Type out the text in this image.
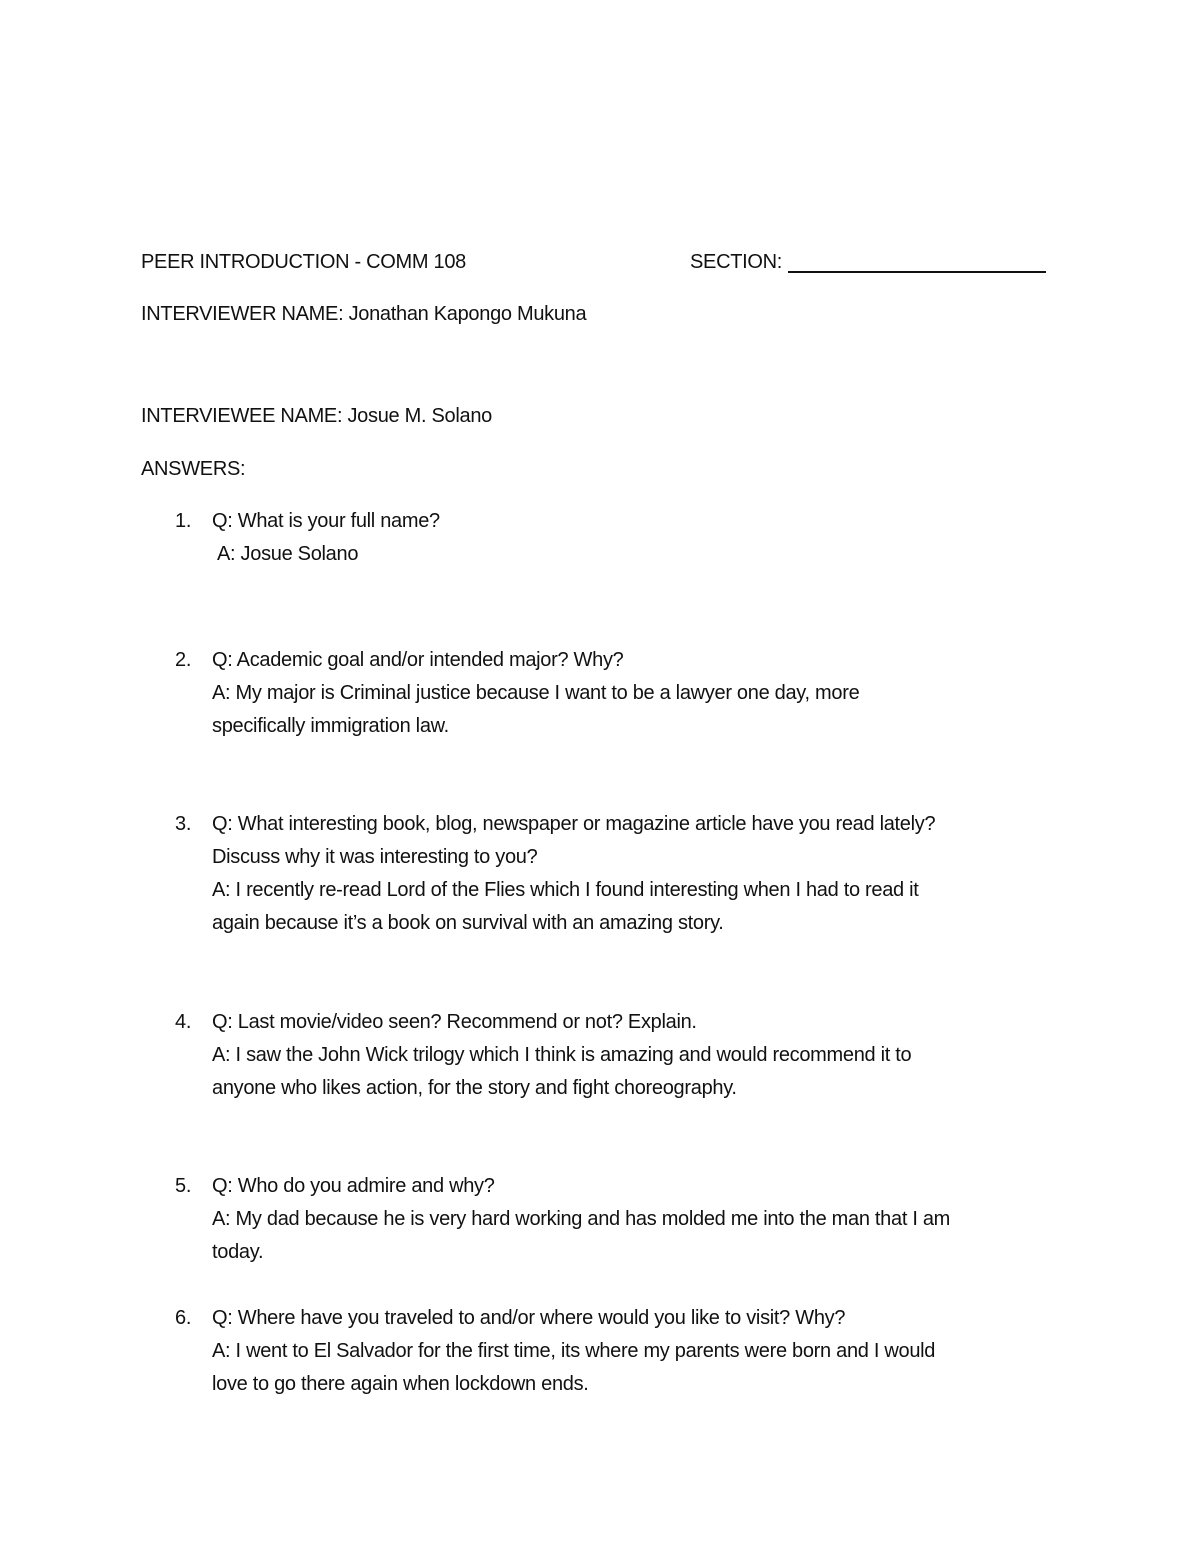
PEER INTRODUCTION - COMM 108	SECTION:
INTERVIEWER NAME: Jonathan Kapongo Mukuna
INTERVIEWEE NAME: Josue M. Solano
ANSWERS:
1. Q: What is your full name?
A: Josue Solano
2. Q: Academic goal and/or intended major? Why?
A: My major is Criminal justice because I want to be a lawyer one day, more
specifically immigration law.
3. Q: What interesting book, blog, newspaper or magazine article have you read lately?
Discuss why it was interesting to you?
A: I recently re-read Lord of the Flies which I found interesting when I had to read it
again because it’s a book on survival with an amazing story.
4. Q: Last movie/video seen? Recommend or not? Explain.
A: I saw the John Wick trilogy which I think is amazing and would recommend it to
anyone who likes action, for the story and fight choreography.
5. Q: Who do you admire and why?
A: My dad because he is very hard working and has molded me into the man that I am
today.
6. Q: Where have you traveled to and/or where would you like to visit? Why?
A: I went to El Salvador for the first time, its where my parents were born and I would
love to go there again when lockdown ends.
